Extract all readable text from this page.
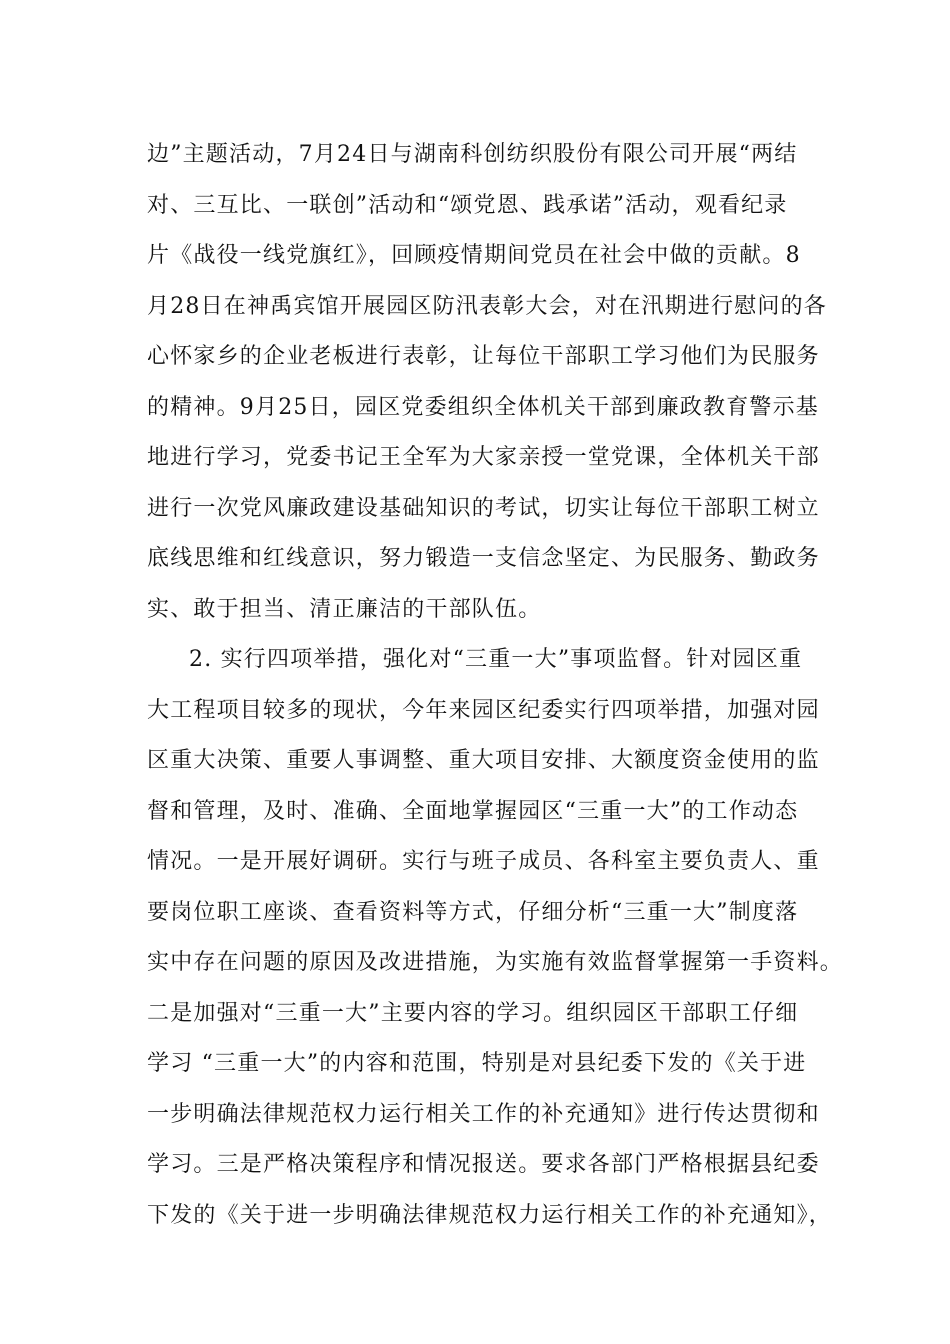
边”主题活动，7月24日与湖南科创纺织股份有限公司开展“两结
对、三互比、一联创”活动和“颂党恩、践承诺”活动，观看纪录
片《战役一线党旗红》，回顾疫情期间党员在社会中做的贡献。8
月28日在神禹宾馆开展园区防汛表彰大会，对在汛期进行慰问的各
心怀家乡的企业老板进行表彰，让每位干部职工学习他们为民服务
的精神。9月25日，园区党委组织全体机关干部到廉政教育警示基
地进行学习，党委书记王全军为大家亲授一堂党课，全体机关干部
进行一次党风廉政建设基础知识的考试，切实让每位干部职工树立
底线思维和红线意识，努力锻造一支信念坚定、为民服务、勤政务
实、敢于担当、清正廉洁的干部队伍。
2. 实行四项举措，强化对“三重一大”事项监督。针对园区重
大工程项目较多的现状，今年来园区纪委实行四项举措，加强对园
区重大决策、重要人事调整、重大项目安排、大额度资金使用的监
督和管理，及时、准确、全面地掌握园区“三重一大”的工作动态
情况。一是开展好调研。实行与班子成员、各科室主要负责人、重
要岗位职工座谈、查看资料等方式，仔细分析“三重一大”制度落
实中存在问题的原因及改进措施，为实施有效监督掌握第一手资料。
二是加强对“三重一大”主要内容的学习。组织园区干部职工仔细
学习 “三重一大”的内容和范围，特别是对县纪委下发的《关于进
一步明确法律规范权力运行相关工作的补充通知》进行传达贯彻和
学习。三是严格决策程序和情况报送。要求各部门严格根据县纪委
下发的《关于进一步明确法律规范权力运行相关工作的补充通知》，
